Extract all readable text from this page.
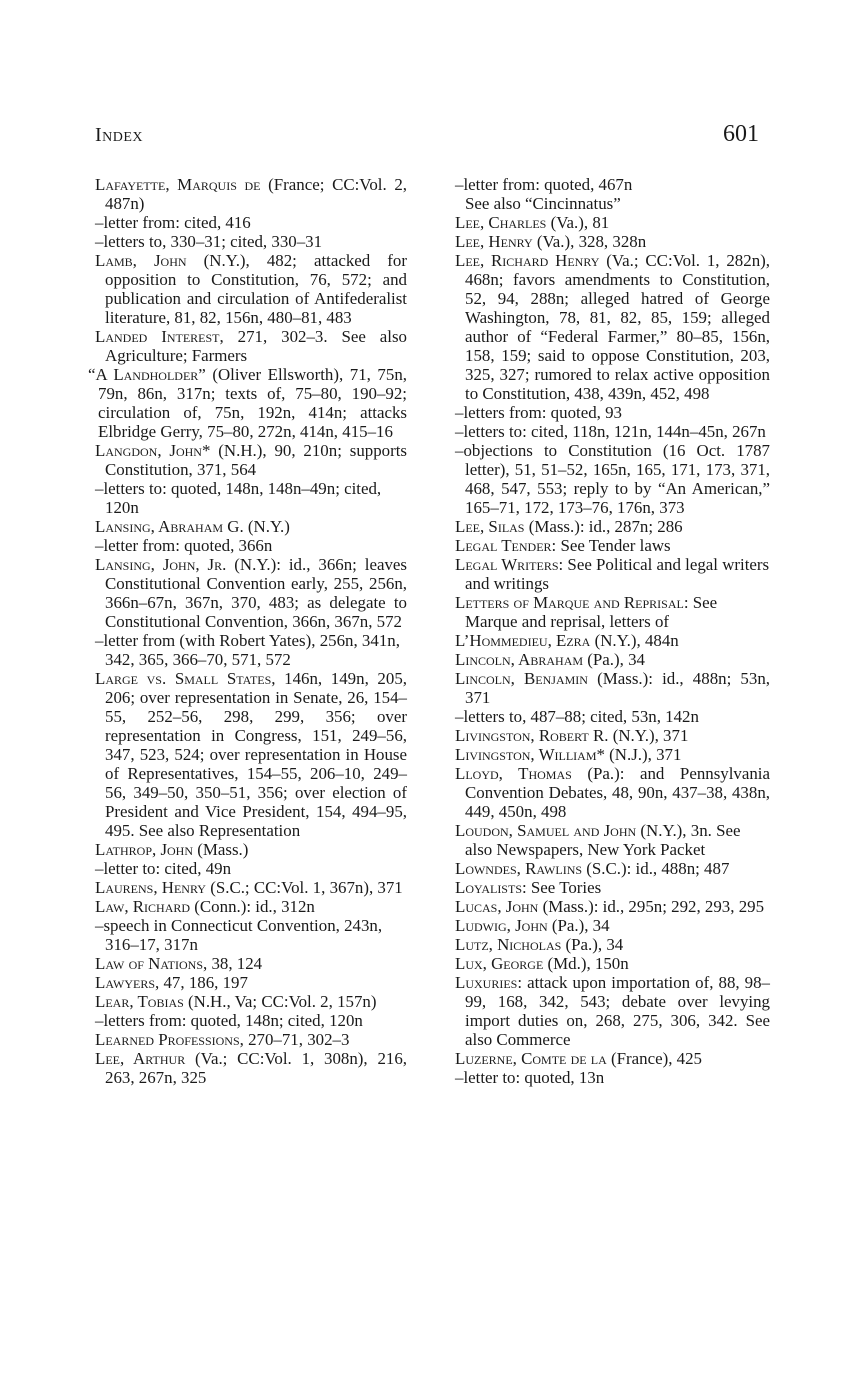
Index	601

Lafayette, Marquis de (France; CC:Vol. 2, 487n)

–letter from: cited, 416

–letters to, 330–31; cited, 330–31

Lamb, John (N.Y.), 482; attacked for opposition to Constitution, 76, 572; and publication and circulation of Antifederalist literature, 81, 82, 156n, 480–81, 483

Landed Interest, 271, 302–3. See also Agriculture; Farmers

“A Landholder” (Oliver Ellsworth), 71, 75n, 79n, 86n, 317n; texts of, 75–80, 190–92; circulation of, 75n, 192n, 414n; attacks Elbridge Gerry, 75–80, 272n, 414n, 415–16

Langdon, John* (N.H.), 90, 210n; supports Constitution, 371, 564

–letters to: quoted, 148n, 148n–49n; cited, 120n

Lansing, Abraham G. (N.Y.)

–letter from: quoted, 366n

Lansing, John, Jr. (N.Y.): id., 366n; leaves Constitutional Convention early, 255, 256n, 366n–67n, 367n, 370, 483; as delegate to Constitutional Convention, 366n, 367n, 572

–letter from (with Robert Yates), 256n, 341n, 342, 365, 366–70, 571, 572

Large vs. Small States, 146n, 149n, 205, 206; over representation in Senate, 26, 154–55, 252–56, 298, 299, 356; over representation in Congress, 151, 249–56, 347, 523, 524; over representation in House of Representatives, 154–55, 206–10, 249–56, 349–50, 350–51, 356; over election of President and Vice President, 154, 494–95, 495. See also Representation

Lathrop, John (Mass.)

–letter to: cited, 49n

Laurens, Henry (S.C.; CC:Vol. 1, 367n), 371

Law, Richard (Conn.): id., 312n

–speech in Connecticut Convention, 243n, 316–17, 317n

Law of Nations, 38, 124

Lawyers, 47, 186, 197

Lear, Tobias (N.H., Va; CC:Vol. 2, 157n)

–letters from: quoted, 148n; cited, 120n

Learned Professions, 270–71, 302–3

Lee, Arthur (Va.; CC:Vol. 1, 308n), 216, 263, 267n, 325

–letter from: quoted, 467n

See also “Cincinnatus”

Lee, Charles (Va.), 81

Lee, Henry (Va.), 328, 328n

Lee, Richard Henry (Va.; CC:Vol. 1, 282n), 468n; favors amendments to Constitution, 52, 94, 288n; alleged hatred of George Washington, 78, 81, 82, 85, 159; alleged author of “Federal Farmer,” 80–85, 156n, 158, 159; said to oppose Constitution, 203, 325, 327; rumored to relax active opposition to Constitution, 438, 439n, 452, 498

–letters from: quoted, 93

–letters to: cited, 118n, 121n, 144n–45n, 267n

–objections to Constitution (16 Oct. 1787 letter), 51, 51–52, 165n, 165, 171, 173, 371, 468, 547, 553; reply to by “An American,” 165–71, 172, 173–76, 176n, 373

Lee, Silas (Mass.): id., 287n; 286

Legal Tender: See Tender laws

Legal Writers: See Political and legal writers and writings

Letters of Marque and Reprisal: See Marque and reprisal, letters of

L’Hommedieu, Ezra (N.Y.), 484n

Lincoln, Abraham (Pa.), 34

Lincoln, Benjamin (Mass.): id., 488n; 53n, 371

–letters to, 487–88; cited, 53n, 142n

Livingston, Robert R. (N.Y.), 371

Livingston, William* (N.J.), 371

Lloyd, Thomas (Pa.): and Pennsylvania Convention Debates, 48, 90n, 437–38, 438n, 449, 450n, 498

Loudon, Samuel and John (N.Y.), 3n. See also Newspapers, New York Packet

Lowndes, Rawlins (S.C.): id., 488n; 487

Loyalists: See Tories

Lucas, John (Mass.): id., 295n; 292, 293, 295

Ludwig, John (Pa.), 34

Lutz, Nicholas (Pa.), 34

Lux, George (Md.), 150n

Luxuries: attack upon importation of, 88, 98–99, 168, 342, 543; debate over levying import duties on, 268, 275, 306, 342. See also Commerce

Luzerne, Comte de la (France), 425

–letter to: quoted, 13n
